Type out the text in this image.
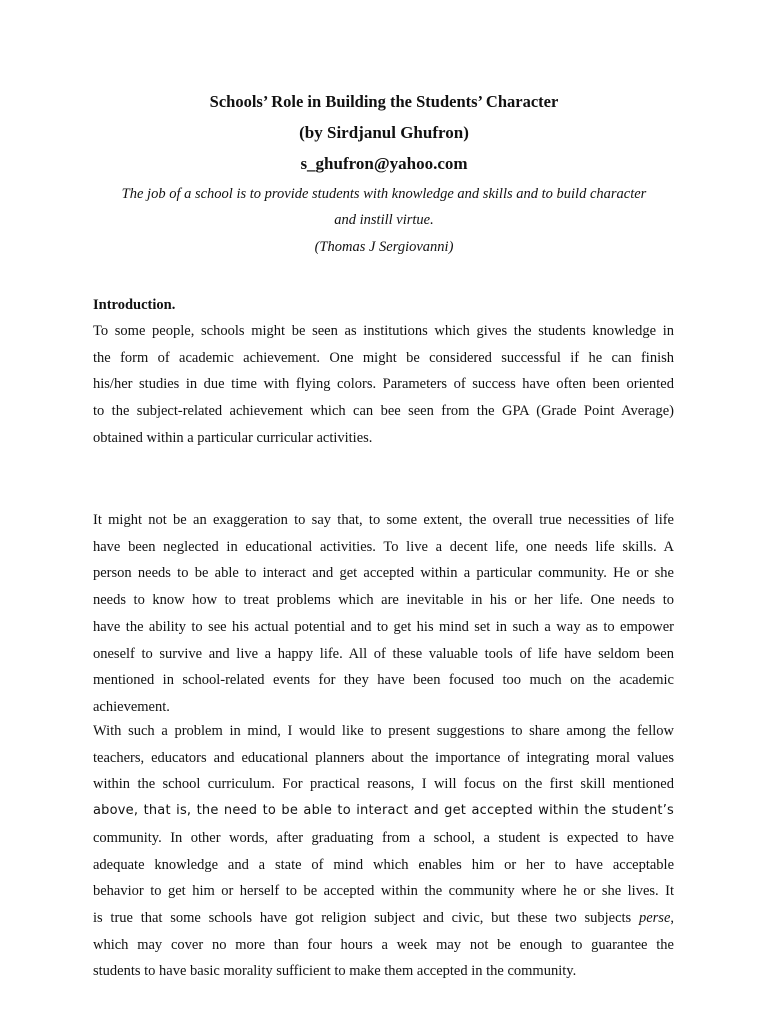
Schools’ Role in Building the Students’ Character
(by Sirdjanul Ghufron)
s_ghufron@yahoo.com
The job of a school is to provide students with knowledge and skills and to build character
and instill virtue.
(Thomas J Sergiovanni)
Introduction.
To some people, schools might be seen as institutions which gives the students knowledge in
the form of academic achievement. One might be considered successful if he can finish
his/her studies in due time with flying colors. Parameters of success have often been oriented
to the subject-related achievement which can bee seen from the GPA (Grade Point Average)
obtained within a particular curricular activities.
It might not be an exaggeration to say that, to some extent, the overall true necessities of life
have been neglected in educational activities. To live a decent life, one needs life skills. A
person needs to be able to interact and get accepted within a particular community. He or she
needs to know how to treat problems which are inevitable in his or her life. One needs to
have the ability to see his actual potential and to get his mind set in such a way as to empower
oneself to survive and live a happy life. All of these valuable tools of life have seldom been
mentioned in school-related events for they have been focused too much on the academic
achievement.
With such a problem in mind, I would like to present suggestions to share among the fellow
teachers, educators and educational planners about the importance of integrating moral values
within the school curriculum. For practical reasons, I will focus on the first skill mentioned
above, that is, the need to be able to interact and get accepted within the student’s
community. In other words, after graduating from a school, a student is expected to have
adequate knowledge and a state of mind which enables him or her to have acceptable
behavior to get him or herself to be accepted within the community where he or she lives. It
is true that some schools have got religion subject and civic, but these two subjects perse,
which may cover no more than four hours a week may not be enough to guarantee the
students to have basic morality sufficient to make them accepted in the community.
